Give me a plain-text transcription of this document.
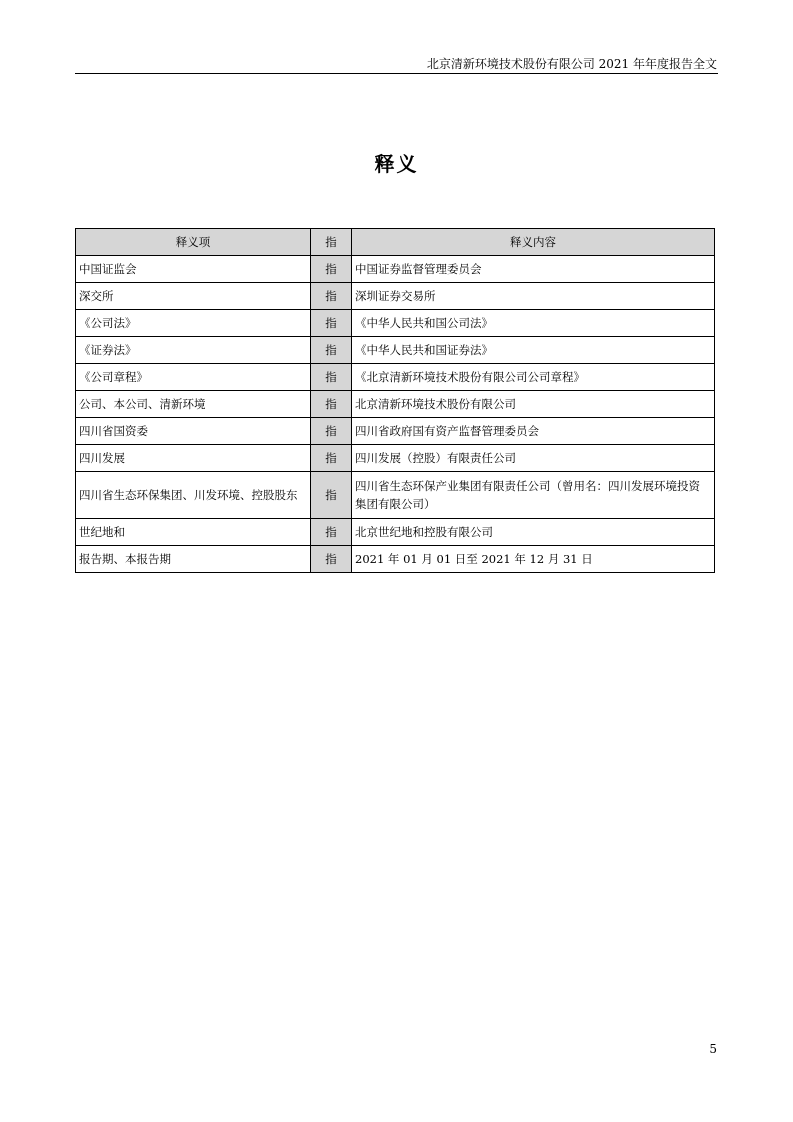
北京清新环境技术股份有限公司 2021 年年度报告全文
释义
释义项	指	释义内容
中国证监会	指	中国证券监督管理委员会
深交所	指	深圳证券交易所
《公司法》	指	《中华人民共和国公司法》
《证券法》	指	《中华人民共和国证券法》
《公司章程》	指	《北京清新环境技术股份有限公司公司章程》
公司、本公司、清新环境	指	北京清新环境技术股份有限公司
四川省国资委	指	四川省政府国有资产监督管理委员会
四川发展	指	四川发展（控股）有限责任公司
四川省生态环保集团、川发环境、控股股东	指	四川省生态环保产业集团有限责任公司（曾用名：四川发展环境投资集团有限公司）
世纪地和	指	北京世纪地和控股有限公司
报告期、本报告期	指	2021 年 01 月 01 日至 2021 年 12 月 31 日
5
